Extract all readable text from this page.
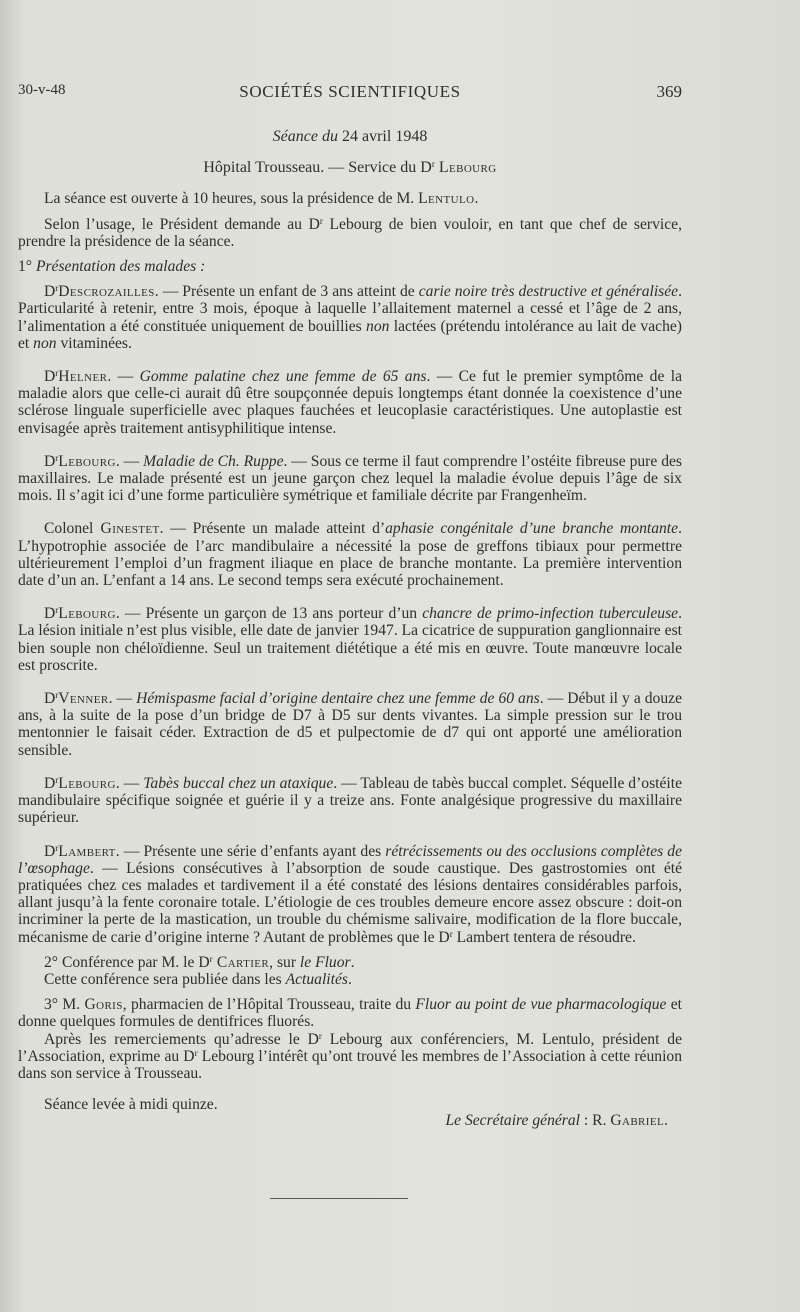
30-v-48	SOCIÉTÉS SCIENTIFIQUES	369
Séance du 24 avril 1948
Hôpital Trousseau. — Service du $D^r$ Lebourg

La séance est ouverte à 10 heures, sous la présidence de M. Lentulo.

Selon l’usage, le Président demande au $D^r$ Lebourg de bien vouloir, en tant que chef de service, prendre la présidence de la séance.

1° Présentation des malades :

$D^rDescrozailles$. — Présente un enfant de 3 ans atteint de carie noire très destructive et généralisée. Particularité à retenir, entre 3 mois, époque à laquelle l’allaitement maternel a cessé et l’âge de 2 ans, l’alimentation a été constituée uniquement de bouillies non lactées (prétendu intolérance au lait de vache) et non vitaminées.

$D^rHelner$. — Gomme palatine chez une femme de 65 ans. — Ce fut le premier symptôme de la maladie alors que celle-ci aurait dû être soupçonnée depuis longtemps étant donnée la coexistence d’une sclérose linguale superficielle avec plaques fauchées et leucoplasie caractéristiques. Une autoplastie est envisagée après traitement antisyphilitique intense.

$D^rLebourg$. — Maladie de Ch. Ruppe. — Sous ce terme il faut comprendre l’ostéite fibreuse pure des maxillaires. Le malade présenté est un jeune garçon chez lequel la maladie évolue depuis l’âge de six mois. Il s’agit ici d’une forme particulière symétrique et familiale décrite par Frangenheïm.

Colonel Ginestet. — Présente un malade atteint d’aphasie congénitale d’une branche montante. L’hypotrophie associée de l’arc mandibulaire a nécessité la pose de greffons tibiaux pour permettre ultérieurement l’emploi d’un fragment iliaque en place de branche montante. La première intervention date d’un an. L’enfant a 14 ans. Le second temps sera exécuté prochainement.

$D^rLebourg$. — Présente un garçon de 13 ans porteur d’un chancre de primo-infection tuberculeuse. La lésion initiale n’est plus visible, elle date de janvier 1947. La cicatrice de suppuration ganglionnaire est bien souple non chéloïdienne. Seul un traitement diététique a été mis en œuvre. Toute manœuvre locale est proscrite.

$D^rVenner$. — Hémispasme facial d’origine dentaire chez une femme de 60 ans. — Début il y a douze ans, à la suite de la pose d’un bridge de D7 à D5 sur dents vivantes. La simple pression sur le trou mentonnier le faisait céder. Extraction de d5 et pulpectomie de d7 qui ont apporté une amélioration sensible.

$D^rLebourg$. — Tabès buccal chez un ataxique. — Tableau de tabès buccal complet. Séquelle d’ostéite mandibulaire spécifique soignée et guérie il y a treize ans. Fonte analgésique progressive du maxillaire supérieur.

$D^rLambert$. — Présente une série d’enfants ayant des rétrécissements ou des occlusions complètes de l’œsophage. — Lésions consécutives à l’absorption de soude caustique. Des gastrostomies ont été pratiquées chez ces malades et tardivement il a été constaté des lésions dentaires considérables parfois, allant jusqu’à la fente coronaire totale. L’étiologie de ces troubles demeure encore assez obscure : doit-on incriminer la perte de la mastication, un trouble du chémisme salivaire, modification de la flore buccale, mécanisme de carie d’origine interne ? Autant de problèmes que le $D^r$ Lambert tentera de résoudre.

2° Conférence par M. le $D^r$ Cartier, sur le Fluor.

Cette conférence sera publiée dans les Actualités.

3° M. Goris, pharmacien de l’Hôpital Trousseau, traite du Fluor au point de vue pharmacologique et donne quelques formules de dentifrices fluorés.

Après les remerciements qu’adresse le $D^r$ Lebourg aux conférenciers, M. Lentulo, président de l’Association, exprime au $D^r$ Lebourg l’intérêt qu’ont trouvé les membres de l’Association à cette réunion dans son service à Trousseau.

Séance levée à midi quinze.
Le Secrétaire général : R. Gabriel.
